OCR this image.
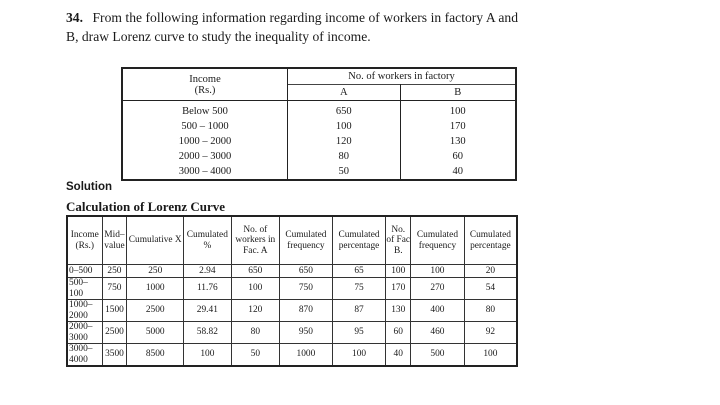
34. From the following information regarding income of workers in factory A and B, draw Lorenz curve to study the inequality of income.
Income
(Rs.)	No. of workers in factory	
	A	B
Below 500	650	100
500 – 1000	100	170
1000 – 2000	120	130
2000 – 3000	80	60
3000 – 4000	50	40
Solution
Calculation of Lorenz Curve
Income (Rs.)	Mid–value	Cumulative X	Cumulated %	No. of workers in Fac. A	Cumulated frequency	Cumulated percentage	No. of Fac B.	Cumulated frequency	Cumulated percentage
0–500	250	250	2.94	650	650	65	100	100	20
500–100	750	1000	11.76	100	750	75	170	270	54
1000– 2000	1500	2500	29.41	120	870	87	130	400	80
2000– 3000	2500	5000	58.82	80	950	95	60	460	92
3000– 4000	3500	8500	100	50	1000	100	40	500	100
